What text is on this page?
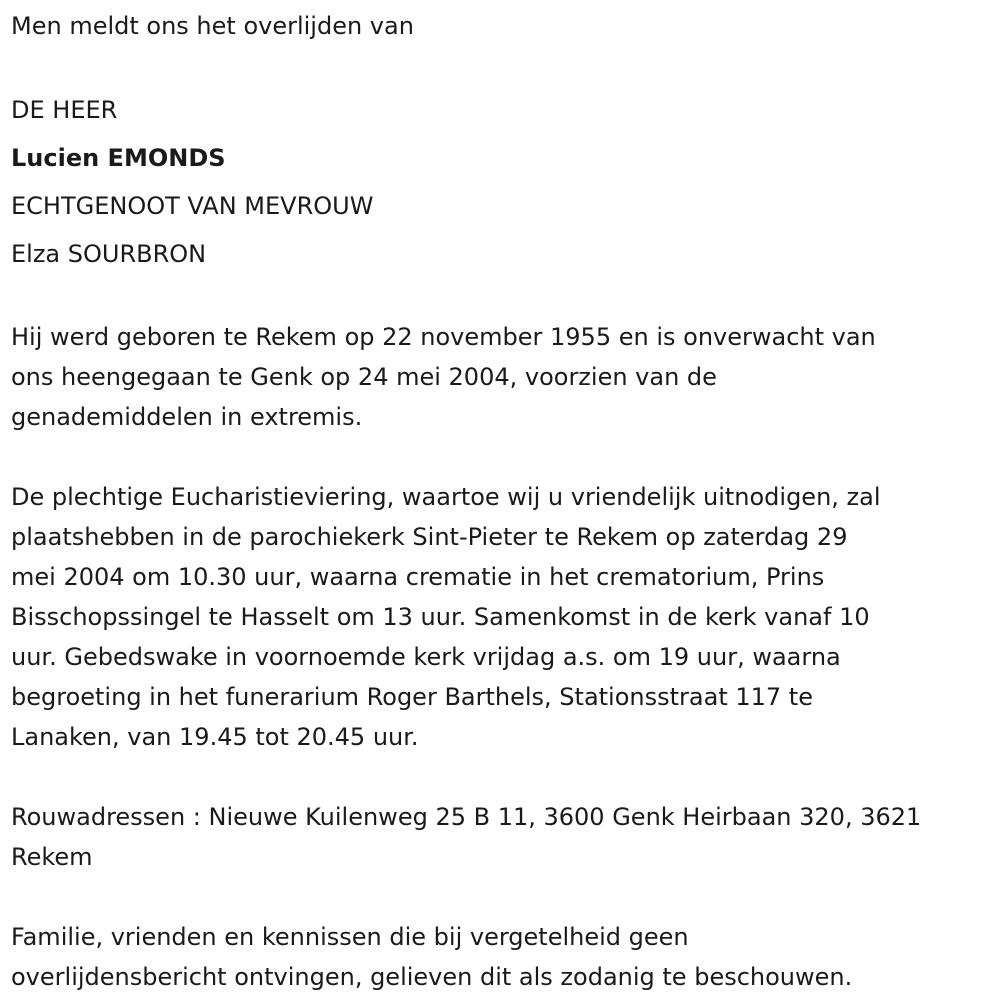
Men meldt ons het overlijden van
DE HEER
Lucien EMONDS
ECHTGENOOT VAN MEVROUW
Elza SOURBRON
Hij werd geboren te Rekem op 22 november 1955 en is onverwacht van
ons heengegaan te Genk op 24 mei 2004, voorzien van de
genademiddelen in extremis.
De plechtige Eucharistieviering, waartoe wij u vriendelijk uitnodigen, zal
plaatshebben in de parochiekerk Sint-Pieter te Rekem op zaterdag 29
mei 2004 om 10.30 uur, waarna crematie in het crematorium, Prins
Bisschopssingel te Hasselt om 13 uur. Samenkomst in de kerk vanaf 10
uur. Gebedswake in voornoemde kerk vrijdag a.s. om 19 uur, waarna
begroeting in het funerarium Roger Barthels, Stationsstraat 117 te
Lanaken, van 19.45 tot 20.45 uur.
Rouwadressen : Nieuwe Kuilenweg 25 B 11, 3600 Genk Heirbaan 320, 3621
Rekem
Familie, vrienden en kennissen die bij vergetelheid geen
overlijdensbericht ontvingen, gelieven dit als zodanig te beschouwen.
